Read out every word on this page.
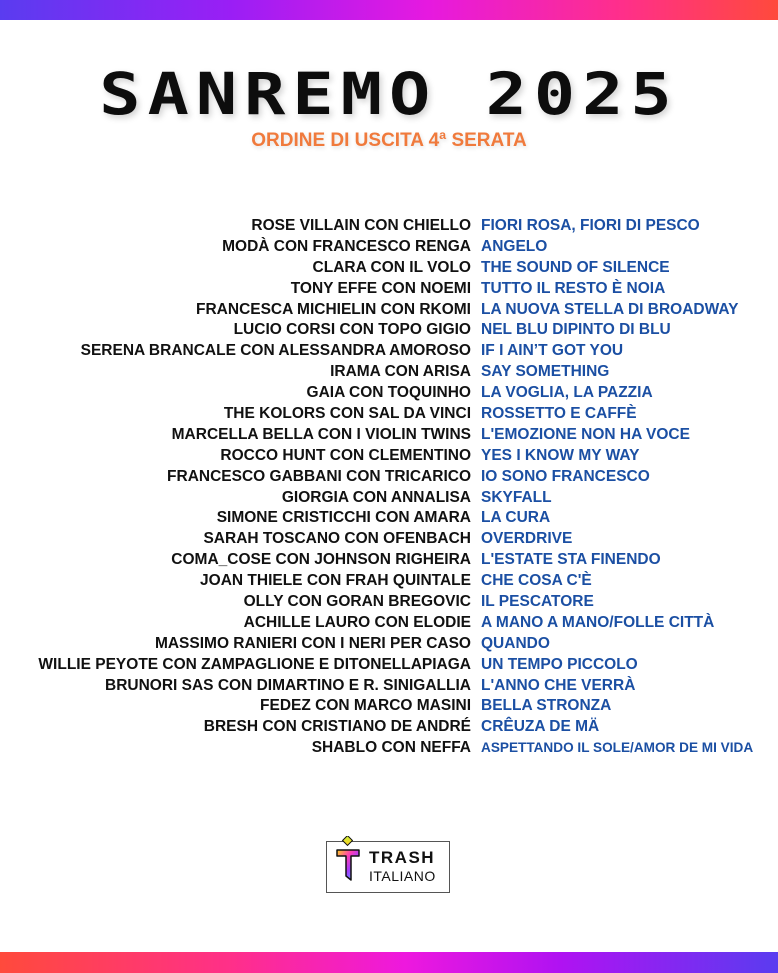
SANREMO 2025
ORDINE DI USCITA 4ª SERATA
ROSE VILLAIN CON CHIELLO FIORI ROSA, FIORI DI PESCO
MODÀ CON FRANCESCO RENGA ANGELO
CLARA CON IL VOLO THE SOUND OF SILENCE
TONY EFFE CON NOEMI TUTTO IL RESTO È NOIA
FRANCESCA MICHIELIN CON RKOMI LA NUOVA STELLA DI BROADWAY
LUCIO CORSI CON TOPO GIGIO NEL BLU DIPINTO DI BLU
SERENA BRANCALE CON ALESSANDRA AMOROSO IF I AIN’T GOT YOU
IRAMA CON ARISA SAY SOMETHING
GAIA CON TOQUINHO LA VOGLIA, LA PAZZIA
THE KOLORS CON SAL DA VINCI ROSSETTO E CAFFÈ
MARCELLA BELLA CON I VIOLIN TWINS L'EMOZIONE NON HA VOCE
ROCCO HUNT CON CLEMENTINO YES I KNOW MY WAY
FRANCESCO GABBANI CON TRICARICO IO SONO FRANCESCO
GIORGIA CON ANNALISA SKYFALL
SIMONE CRISTICCHI CON AMARA LA CURA
SARAH TOSCANO CON OFENBACH OVERDRIVE
COMA_COSE CON JOHNSON RIGHEIRA L'ESTATE STA FINENDO
JOAN THIELE CON FRAH QUINTALE CHE COSA C'È
OLLY CON GORAN BREGOVIC IL PESCATORE
ACHILLE LAURO CON ELODIE A MANO A MANO/FOLLE CITTÀ
MASSIMO RANIERI CON I NERI PER CASO QUANDO
WILLIE PEYOTE CON ZAMPAGLIONE E DITONELLAPIAGA UN TEMPO PICCOLO
BRUNORI SAS CON DIMARTINO E R. SINIGALLIA L'ANNO CHE VERRÀ
FEDEZ CON MARCO MASINI BELLA STRONZA
BRESH CON CRISTIANO DE ANDRÉ CRÊUZA DE MÄ
SHABLO CON NEFFA ASPETTANDO IL SOLE/AMOR DE MI VIDA
TRASH
ITALIANO
